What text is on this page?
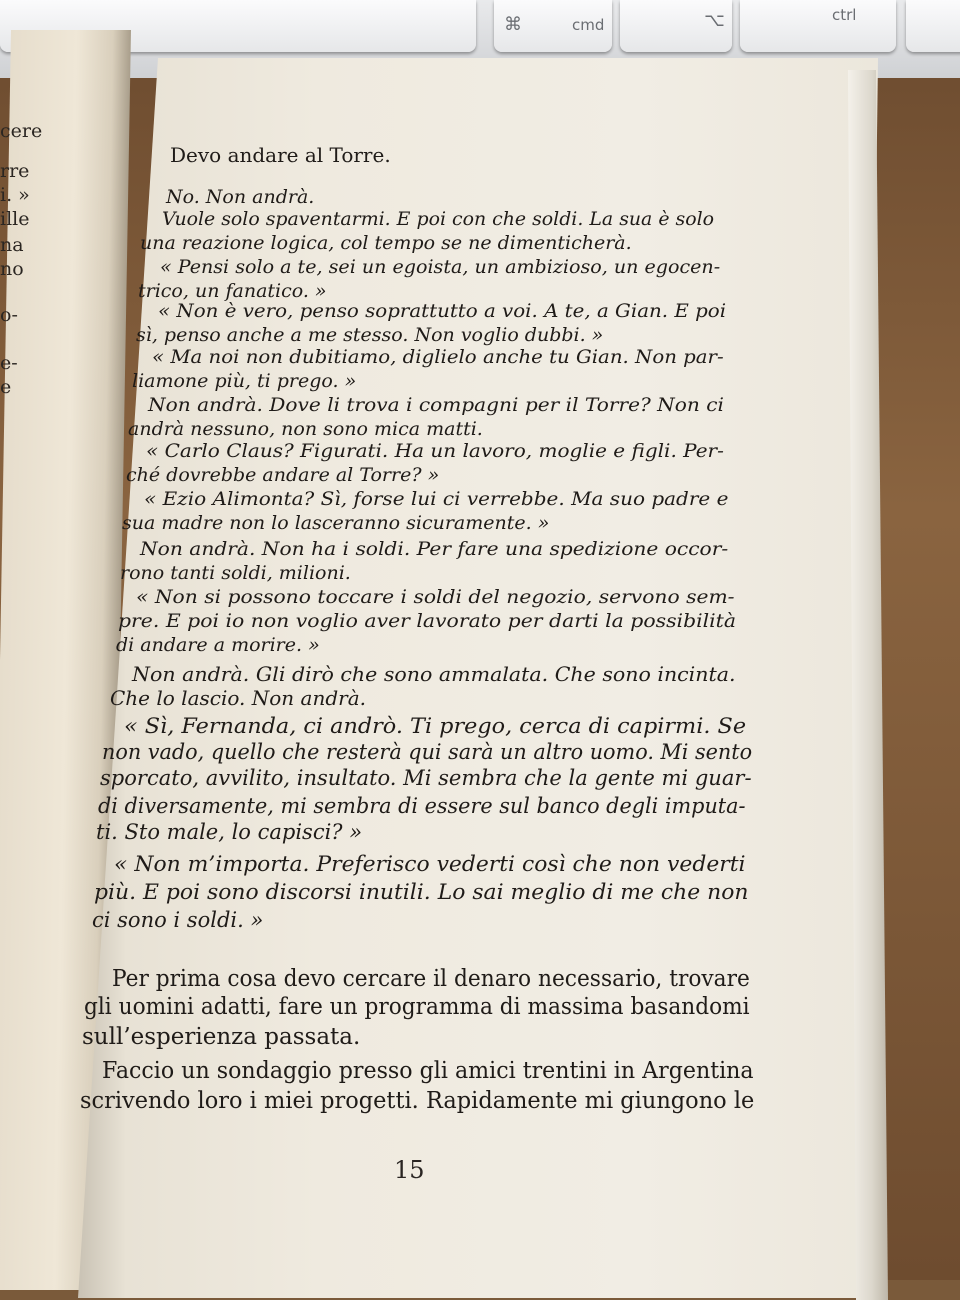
⌘	cmd	⌥	ctrl
cere
rre
i. »
ille
na
no
o-
e-
e
Devo andare al Torre.
No. Non andrà.
Vuole solo spaventarmi. E poi con che soldi. La sua è solo
una reazione logica, col tempo se ne dimenticherà.
« Pensi solo a te, sei un egoista, un ambizioso, un egocen-
trico, un fanatico. »
« Non è vero, penso soprattutto a voi. A te, a Gian. E poi
sì, penso anche a me stesso. Non voglio dubbi. »
« Ma noi non dubitiamo, diglielo anche tu Gian. Non par-
liamone più, ti prego. »
Non andrà. Dove li trova i compagni per il Torre? Non ci
andrà nessuno, non sono mica matti.
« Carlo Claus? Figurati. Ha un lavoro, moglie e figli. Per-
ché dovrebbe andare al Torre? »
« Ezio Alimonta? Sì, forse lui ci verrebbe. Ma suo padre e
sua madre non lo lasceranno sicuramente. »
Non andrà. Non ha i soldi. Per fare una spedizione occor-
rono tanti soldi, milioni.
« Non si possono toccare i soldi del negozio, servono sem-
pre. E poi io non voglio aver lavorato per darti la possibilità
di andare a morire. »
Non andrà. Gli dirò che sono ammalata. Che sono incinta.
Che lo lascio. Non andrà.
« Sì, Fernanda, ci andrò. Ti prego, cerca di capirmi. Se
non vado, quello che resterà qui sarà un altro uomo. Mi sento
sporcato, avvilito, insultato. Mi sembra che la gente mi guar-
di diversamente, mi sembra di essere sul banco degli imputa-
ti. Sto male, lo capisci? »
« Non m’importa. Preferisco vederti così che non vederti
più. E poi sono discorsi inutili. Lo sai meglio di me che non
ci sono i soldi. »
Per prima cosa devo cercare il denaro necessario, trovare
gli uomini adatti, fare un programma di massima basandomi
sull’esperienza passata.
Faccio un sondaggio presso gli amici trentini in Argentina
scrivendo loro i miei progetti. Rapidamente mi giungono le
15
